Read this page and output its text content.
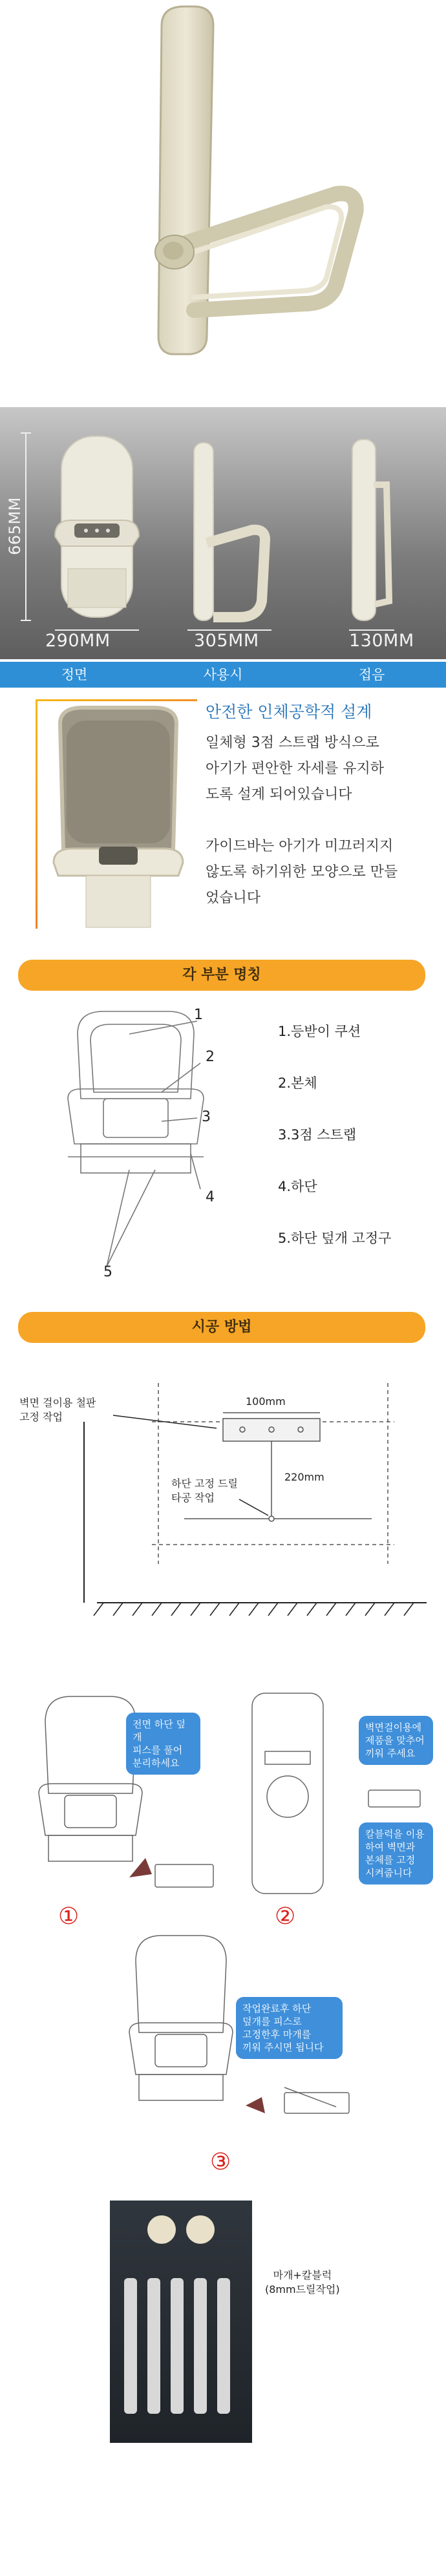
290MM	305MM	130MM
665MM
정면	사용시	접음
안전한 인체공학적 설계
일체형 3점 스트랩 방식으로
아기가 편안한 자세를 유지하
도록 설계 되어있습니다
가이드바는 아기가 미끄러지지
않도록 하기위한 모양으로 만들
었습니다
각 부분 명칭
1
2
3
4
5
1.등받이 쿠션
2.본체
3.3점 스트랩
4.하단
5.하단 덮개 고정구
시공 방법
벽면 걸이용 철판
고정 작업
100mm
220mm
하단 고정 드릴
타공 작업
전면 하단 덮개
피스를 풀어
분리하세요
벽면걸이용에
제품을 맞추어
끼워 주세요
칼블럭을 이용
하여 벽면과
본체를 고정
시켜줍니다
작업완료후 하단
덮개를 피스로
고정한후 마개를
끼워 주시면 됩니다
①	②
③
마개+칼블럭
(8mm드릴작업)
